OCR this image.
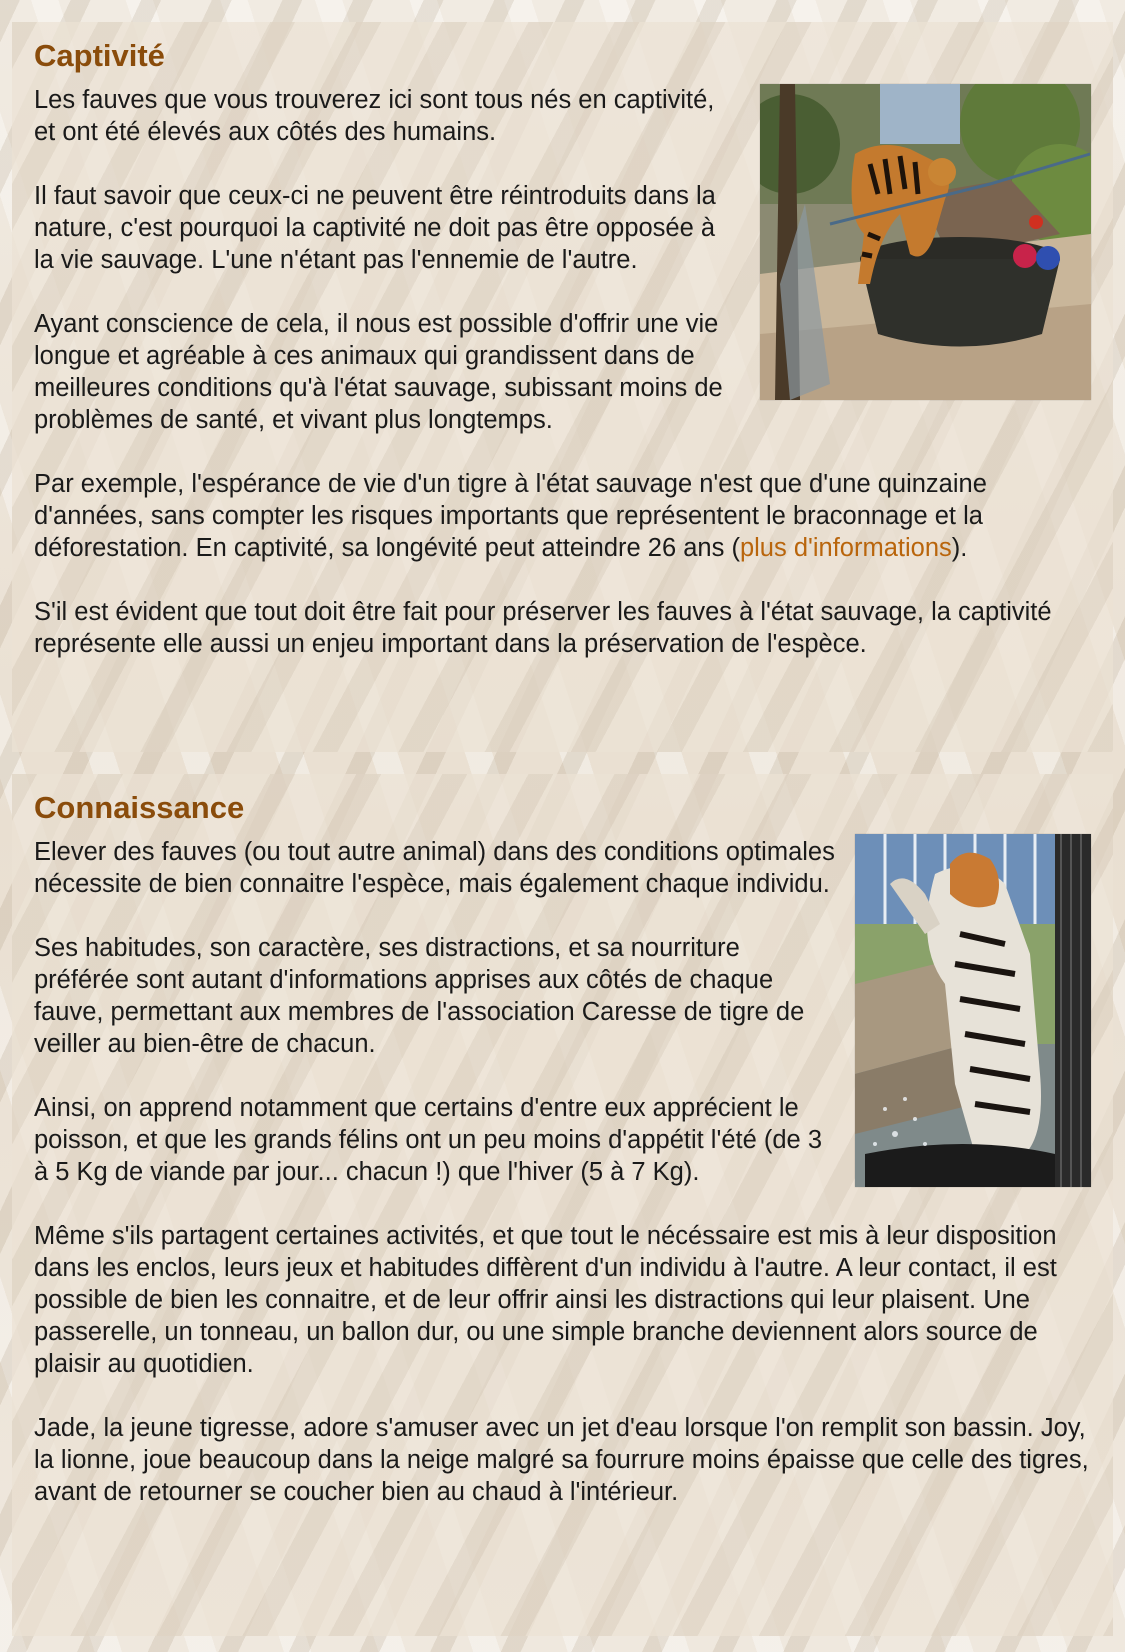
Captivité

Les fauves que vous trouverez ici sont tous nés en captivité, et ont été élevés aux côtés des humains.

Il faut savoir que ceux-ci ne peuvent être réintroduits dans la nature, c'est pourquoi la captivité ne doit pas être opposée à la vie sauvage. L'une n'étant pas l'ennemie de l'autre.

Ayant conscience de cela, il nous est possible d'offrir une vie longue et agréable à ces animaux qui grandissent dans de meilleures conditions qu'à l'état sauvage, subissant moins de problèmes de santé, et vivant plus longtemps.

Par exemple, l'espérance de vie d'un tigre à l'état sauvage n'est que d'une quinzaine d'années, sans compter les risques importants que représentent le braconnage et la déforestation. En captivité, sa longévité peut atteindre 26 ans (plus d'informations).

S'il est évident que tout doit être fait pour préserver les fauves à l'état sauvage, la captivité représente elle aussi un enjeu important dans la préservation de l'espèce.

Connaissance

Elever des fauves (ou tout autre animal) dans des conditions optimales nécessite de bien connaitre l'espèce, mais également chaque individu.

Ses habitudes, son caractère, ses distractions, et sa nourriture préférée sont autant d'informations apprises aux côtés de chaque fauve, permettant aux membres de l'association Caresse de tigre de veiller au bien-être de chacun.

Ainsi, on apprend notamment que certains d'entre eux apprécient le poisson, et que les grands félins ont un peu moins d'appétit l'été (de 3 à 5 Kg de viande par jour... chacun !) que l'hiver (5 à 7 Kg).

Même s'ils partagent certaines activités, et que tout le nécéssaire est mis à leur disposition dans les enclos, leurs jeux et habitudes diffèrent d'un individu à l'autre. A leur contact, il est possible de bien les connaitre, et de leur offrir ainsi les distractions qui leur plaisent. Une passerelle, un tonneau, un ballon dur, ou une simple branche deviennent alors source de plaisir au quotidien.

Jade, la jeune tigresse, adore s'amuser avec un jet d'eau lorsque l'on remplit son bassin. Joy, la lionne, joue beaucoup dans la neige malgré sa fourrure moins épaisse que celle des tigres, avant de retourner se coucher bien au chaud à l'intérieur.
